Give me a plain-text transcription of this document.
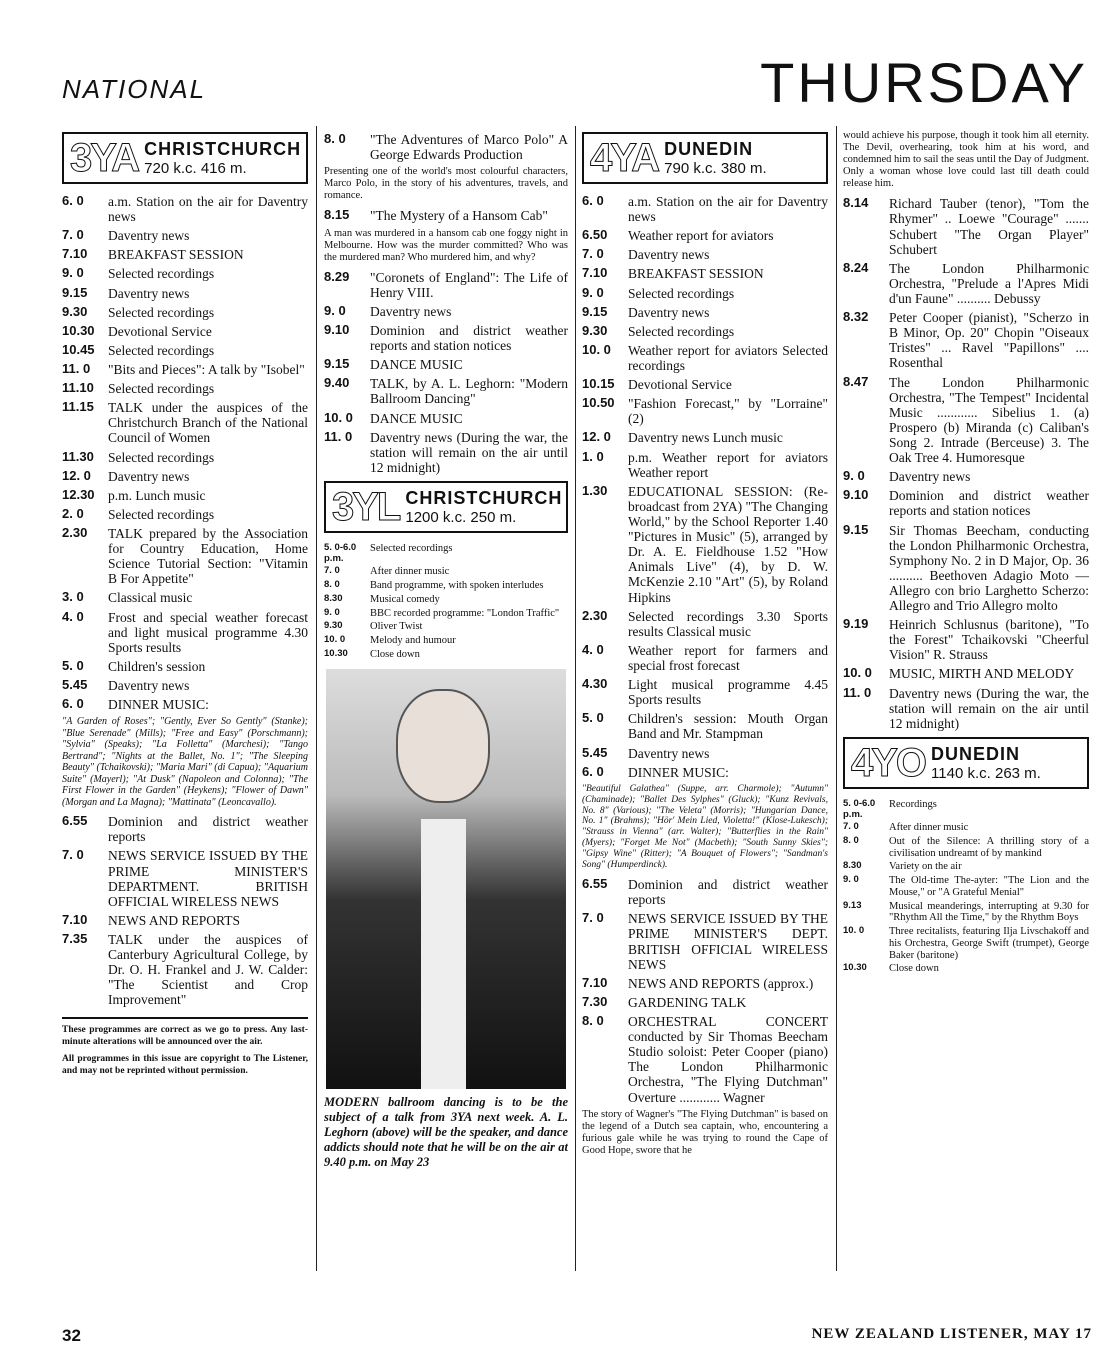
NATIONAL	THURSDAY
3YA CHRISTCHURCH
720 k.c. 416 m.
6. 0	a.m. Station on the air for Daventry news
7. 0	Daventry news
7.10	BREAKFAST SESSION
9. 0	Selected recordings
9.15	Daventry news
9.30	Selected recordings
10.30 Devotional Service
10.45 Selected recordings
11. 0	"Bits and Pieces": A talk by "Isobel"
11.10	Selected recordings
11.15	TALK under the auspices of the Christchurch Branch of the National Council of Women
11.30	Selected recordings
12. 0	Daventry news
12.30 p.m. Lunch music
2. 0	Selected recordings
2.30	TALK prepared by the Association for Country Education, Home Science Tutorial Section: "Vitamin B For Appetite"
3. 0	Classical music
4. 0	Frost and special weather forecast and light musical programme 4.30 Sports results
5. 0	Children's session
5.45	Daventry news
6. 0	DINNER MUSIC:
"A Garden of Roses"; "Gently, Ever So Gently" (Stanke); "Blue Serenade" (Mills); "Free and Easy" (Porschmann); "Sylvia" (Speaks); "La Folletta" (Marchesi); "Tango Bertrand"; "Nights at the Ballet, No. 1"; "The Sleeping Beauty" (Tchaikovski); "Maria Mari" (di Capua); "Aquarium Suite" (Mayerl); "At Dusk" (Napoleon and Colonna); "The First Flower in the Garden" (Heykens); "Flower of Dawn" (Morgan and La Magna); "Mattinata" (Leoncavallo).
6.55	Dominion and district weather reports
7. 0	NEWS SERVICE ISSUED BY THE PRIME MINISTER'S DEPARTMENT. BRITISH OFFICIAL WIRELESS NEWS
7.10	NEWS AND REPORTS
7.35	TALK under the auspices of Canterbury Agricultural College, by Dr. O. H. Frankel and J. W. Calder: "The Scientist and Crop Improvement"
These programmes are correct as we go to press. Any last-minute alterations will be announced over the air.
All programmes in this issue are copyright to The Listener, and may not be reprinted without permission.
8. 0	"The Adventures of Marco Polo" A George Edwards Production
Presenting one of the world's most colourful characters, Marco Polo, in the story of his adventures, travels, and romance.
8.15	"The Mystery of a Hansom Cab"
A man was murdered in a hansom cab one foggy night in Melbourne. How was the murder committed? Who was the murdered man? Who murdered him, and why?
8.29	"Coronets of England": The Life of Henry VIII.
9. 0	Daventry news
9.10	Dominion and district weather reports and station notices
9.15	DANCE MUSIC
9.40	TALK, by A. L. Leghorn: "Modern Ballroom Dancing"
10. 0	DANCE MUSIC
11. 0	Daventry news (During the war, the station will remain on the air until 12 midnight)
3YL CHRISTCHURCH
1200 k.c. 250 m.
5. 0-6.0 p.m.
Selected recordings
7. 0	After dinner music
8. 0	Band programme, with spoken interludes
8.30	Musical comedy
9. 0	BBC recorded programme: "London Traffic"
9.30	Oliver Twist
10. 0	Melody and humour
10.30	Close down
MODERN ballroom dancing is to be the subject of a talk from 3YA next week. A. L. Leghorn (above) will be the speaker, and dance addicts should note that he will be on the air at 9.40 p.m. on May 23
4YA DUNEDIN
790 k.c. 380 m.
6. 0	a.m. Station on the air for Daventry news
6.50	Weather report for aviators
7. 0	Daventry news
7.10	BREAKFAST SESSION
9. 0	Selected recordings
9.15	Daventry news
9.30	Selected recordings
10. 0	Weather report for aviators Selected recordings
10.15 Devotional Service
10.50 "Fashion Forecast," by "Lorraine" (2)
12. 0	Daventry news Lunch music
1. 0	p.m. Weather report for aviators Weather report
1.30	EDUCATIONAL SESSION: (Re-broadcast from 2YA) "The Changing World," by the School Reporter 1.40 "Pictures in Music" (5), arranged by Dr. A. E. Fieldhouse 1.52 "How Animals Live" (4), by D. W. McKenzie 2.10 "Art" (5), by Roland Hipkins
2.30	Selected recordings 3.30 Sports results Classical music
4. 0	Weather report for farmers and special frost forecast
4.30	Light musical programme 4.45 Sports results
5. 0	Children's session: Mouth Organ Band and Mr. Stampman
5.45	Daventry news
6. 0	DINNER MUSIC:
"Beautiful Galathea" (Suppe, arr. Charmole); "Autumn" (Chaminade); "Ballet Des Sylphes" (Gluck); "Kunz Revivals, No. 8" (Various); "The Veleta" (Morris); "Hungarian Dance, No. 1" (Brahms); "Hör' Mein Lied, Violetta!" (Klose-Lukesch); "Strauss in Vienna" (arr. Walter); "Butterflies in the Rain" (Myers); "Forget Me Not" (Macbeth); "South Sunny Skies"; "Gipsy Wine" (Ritter); "A Bouquet of Flowers"; "Sandman's Song" (Humperdinck).
6.55	Dominion and district weather reports
7. 0	NEWS SERVICE ISSUED BY THE PRIME MINISTER'S DEPT. BRITISH OFFICIAL WIRELESS NEWS
7.10	NEWS AND REPORTS (approx.)
7.30	GARDENING TALK
8. 0	ORCHESTRAL CONCERT conducted by Sir Thomas Beecham Studio soloist: Peter Cooper (piano) The London Philharmonic Orchestra, "The Flying Dutchman" Overture ............ Wagner
The story of Wagner's "The Flying Dutchman" is based on the legend of a Dutch sea captain, who, encountering a furious gale while he was trying to round the Cape of Good Hope, swore that he
would achieve his purpose, though it took him all eternity. The Devil, overhearing, took him at his word, and condemned him to sail the seas until the Day of Judgment. Only a woman whose love could last till death could release him.
8.14	Richard Tauber (tenor), "Tom the Rhymer" .. Loewe "Courage" ....... Schubert "The Organ Player" Schubert
8.24	The London Philharmonic Orchestra, "Prelude a l'Apres Midi d'un Faune" .......... Debussy
8.32	Peter Cooper (pianist), "Scherzo in B Minor, Op. 20" Chopin "Oiseaux Tristes" ... Ravel "Papillons" .... Rosenthal
8.47	The London Philharmonic Orchestra, "The Tempest" Incidental Music ............ Sibelius 1. (a) Prospero (b) Miranda (c) Caliban's Song 2. Intrade (Berceuse) 3. The Oak Tree 4. Humoresque
9. 0	Daventry news
9.10	Dominion and district weather reports and station notices
9.15	Sir Thomas Beecham, conducting the London Philharmonic Orchestra, Symphony No. 2 in D Major, Op. 36 .......... Beethoven Adagio Moto — Allegro con brio Larghetto Scherzo: Allegro and Trio Allegro molto
9.19	Heinrich Schlusnus (baritone), "To the Forest" Tchaikovski "Cheerful Vision" R. Strauss
10. 0	MUSIC, MIRTH AND MELODY
11. 0	Daventry news (During the war, the station will remain on the air until 12 midnight)
4YO DUNEDIN
1140 k.c. 263 m.
5. 0-6.0 p.m.
Recordings
7. 0	After dinner music
8. 0	Out of the Silence: A thrilling story of a civilisation undreamt of by mankind
8.30	Variety on the air
9. 0	The Old-time The-ayter: "The Lion and the Mouse," or "A Grateful Menial"
9.13	Musical meanderings, interrupting at 9.30 for "Rhythm All the Time," by the Rhythm Boys
10. 0	Three recitalists, featuring Ilja Livschakoff and his Orchestra, George Swift (trumpet), George Baker (baritone)
10.30	Close down
32	NEW ZEALAND LISTENER, MAY 17
